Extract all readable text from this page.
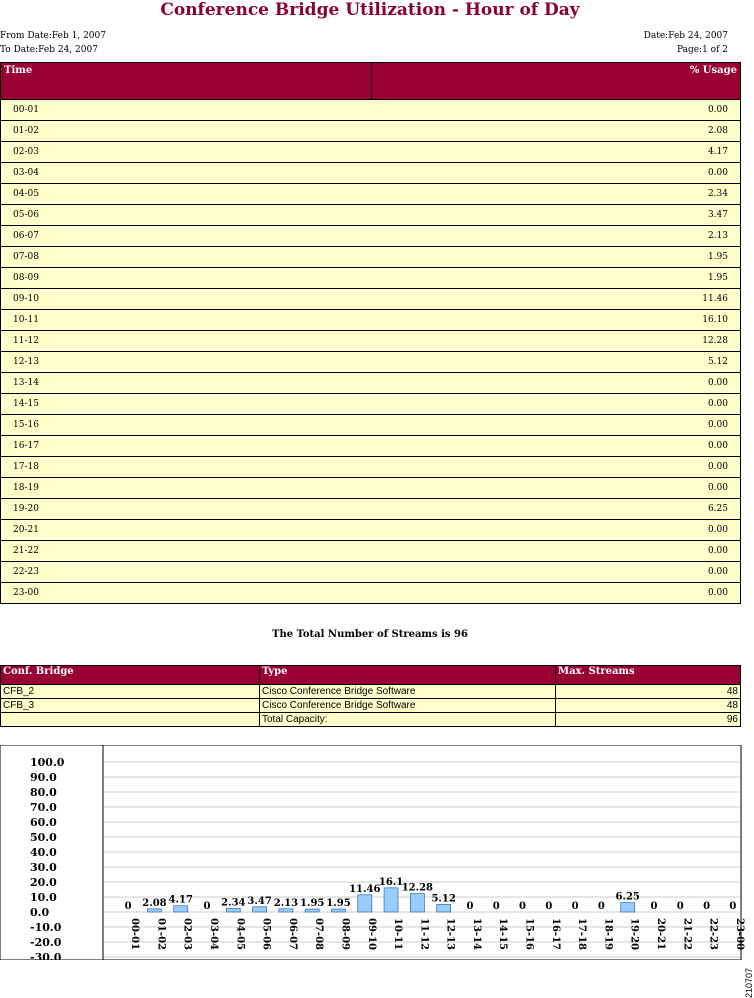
Conference Bridge Utilization - Hour of Day
From Date:Feb 1, 2007
To Date:Feb 24, 2007
Date:Feb 24, 2007
Page:1 of 2
Time	% Usage
00-01	0.00
01-02	2.08
02-03	4.17
03-04	0.00
04-05	2.34
05-06	3.47
06-07	2.13
07-08	1.95
08-09	1.95
09-10	11.46
10-11	16.10
11-12	12.28
12-13	5.12
13-14	0.00
14-15	0.00
15-16	0.00
16-17	0.00
17-18	0.00
18-19	0.00
19-20	6.25
20-21	0.00
21-22	0.00
22-23	0.00
23-00	0.00
The Total Number of Streams is 96
Conf. Bridge	Type	Max. Streams
CFB_2	Cisco Conference Bridge Software	48
CFB_3	Cisco Conference Bridge Software	48
	Total Capacity:	96
100.0
90.0
80.0
70.0
60.0
50.0
40.0
30.0
20.0
10.0
0.0
-10.0
-20.0
-30.0
0
00-01
2.08
01-02
4.17
02-03
0
03-04
2.34
04-05
3.47
05-06
2.13
06-07
1.95
07-08
1.95
08-09
11.46
09-10
16.1
10-11
12.28
11-12
5.12
12-13
0
13-14
0
14-15
0
15-16
0
16-17
0
17-18
0
18-19
6.25
19-20
0
20-21
0
21-22
0
22-23
0
23-00
210707
